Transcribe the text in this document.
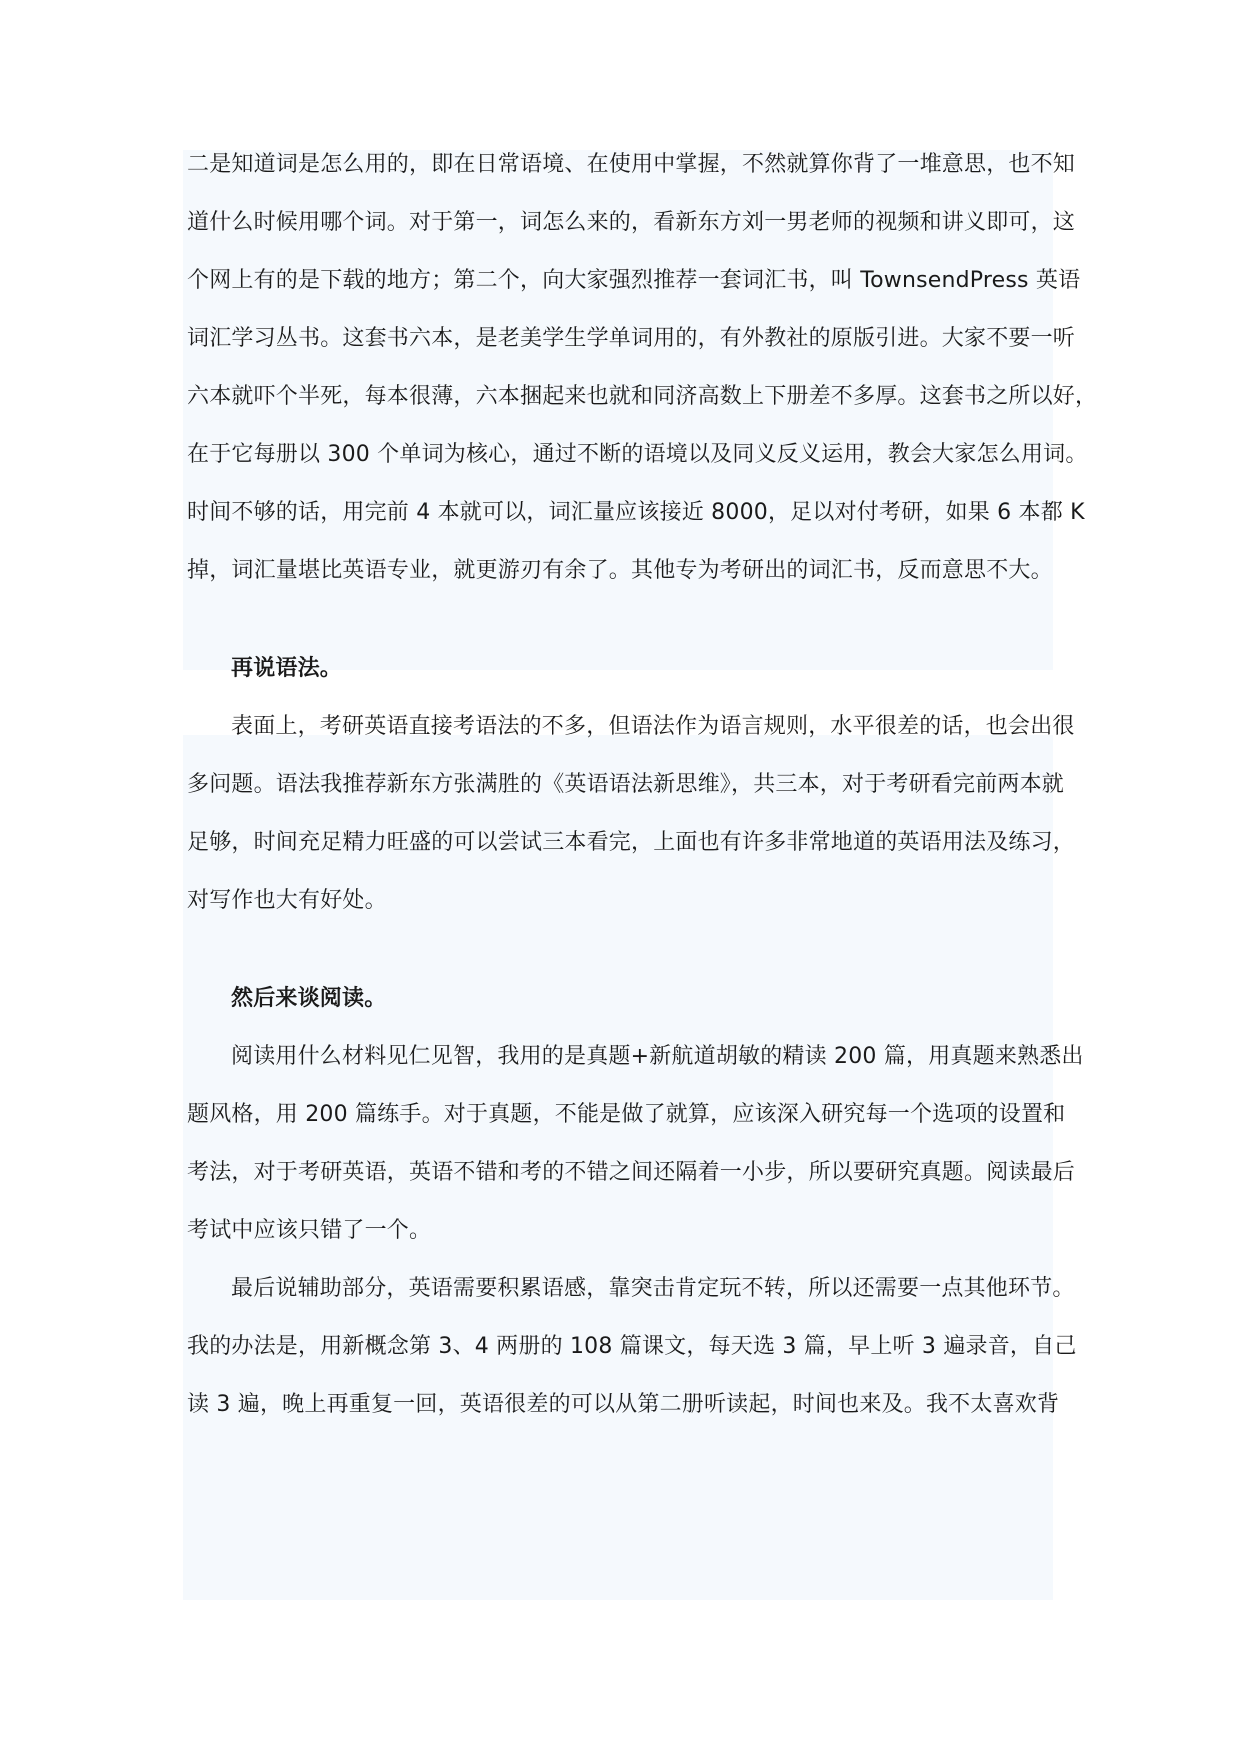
二是知道词是怎么用的，即在日常语境、在使用中掌握，不然就算你背了一堆意思，也不知
道什么时候用哪个词。对于第一，词怎么来的，看新东方刘一男老师的视频和讲义即可，这
个网上有的是下载的地方；第二个，向大家强烈推荐一套词汇书，叫 TownsendPress 英语
词汇学习丛书。这套书六本，是老美学生学单词用的，有外教社的原版引进。大家不要一听
六本就吓个半死，每本很薄，六本捆起来也就和同济高数上下册差不多厚。这套书之所以好，
在于它每册以 300 个单词为核心，通过不断的语境以及同义反义运用，教会大家怎么用词。
时间不够的话，用完前 4 本就可以，词汇量应该接近 8000，足以对付考研，如果 6 本都 K
掉，词汇量堪比英语专业，就更游刃有余了。其他专为考研出的词汇书，反而意思不大。
再说语法。
表面上，考研英语直接考语法的不多，但语法作为语言规则，水平很差的话，也会出很
多问题。语法我推荐新东方张满胜的《英语语法新思维》，共三本，对于考研看完前两本就
足够，时间充足精力旺盛的可以尝试三本看完，上面也有许多非常地道的英语用法及练习，
对写作也大有好处。
然后来谈阅读。
阅读用什么材料见仁见智，我用的是真题+新航道胡敏的精读 200 篇，用真题来熟悉出
题风格，用 200 篇练手。对于真题，不能是做了就算，应该深入研究每一个选项的设置和
考法，对于考研英语，英语不错和考的不错之间还隔着一小步，所以要研究真题。阅读最后
考试中应该只错了一个。
最后说辅助部分，英语需要积累语感，靠突击肯定玩不转，所以还需要一点其他环节。
我的办法是，用新概念第 3、4 两册的 108 篇课文，每天选 3 篇，早上听 3 遍录音，自己
读 3 遍，晚上再重复一回，英语很差的可以从第二册听读起，时间也来及。我不太喜欢背
